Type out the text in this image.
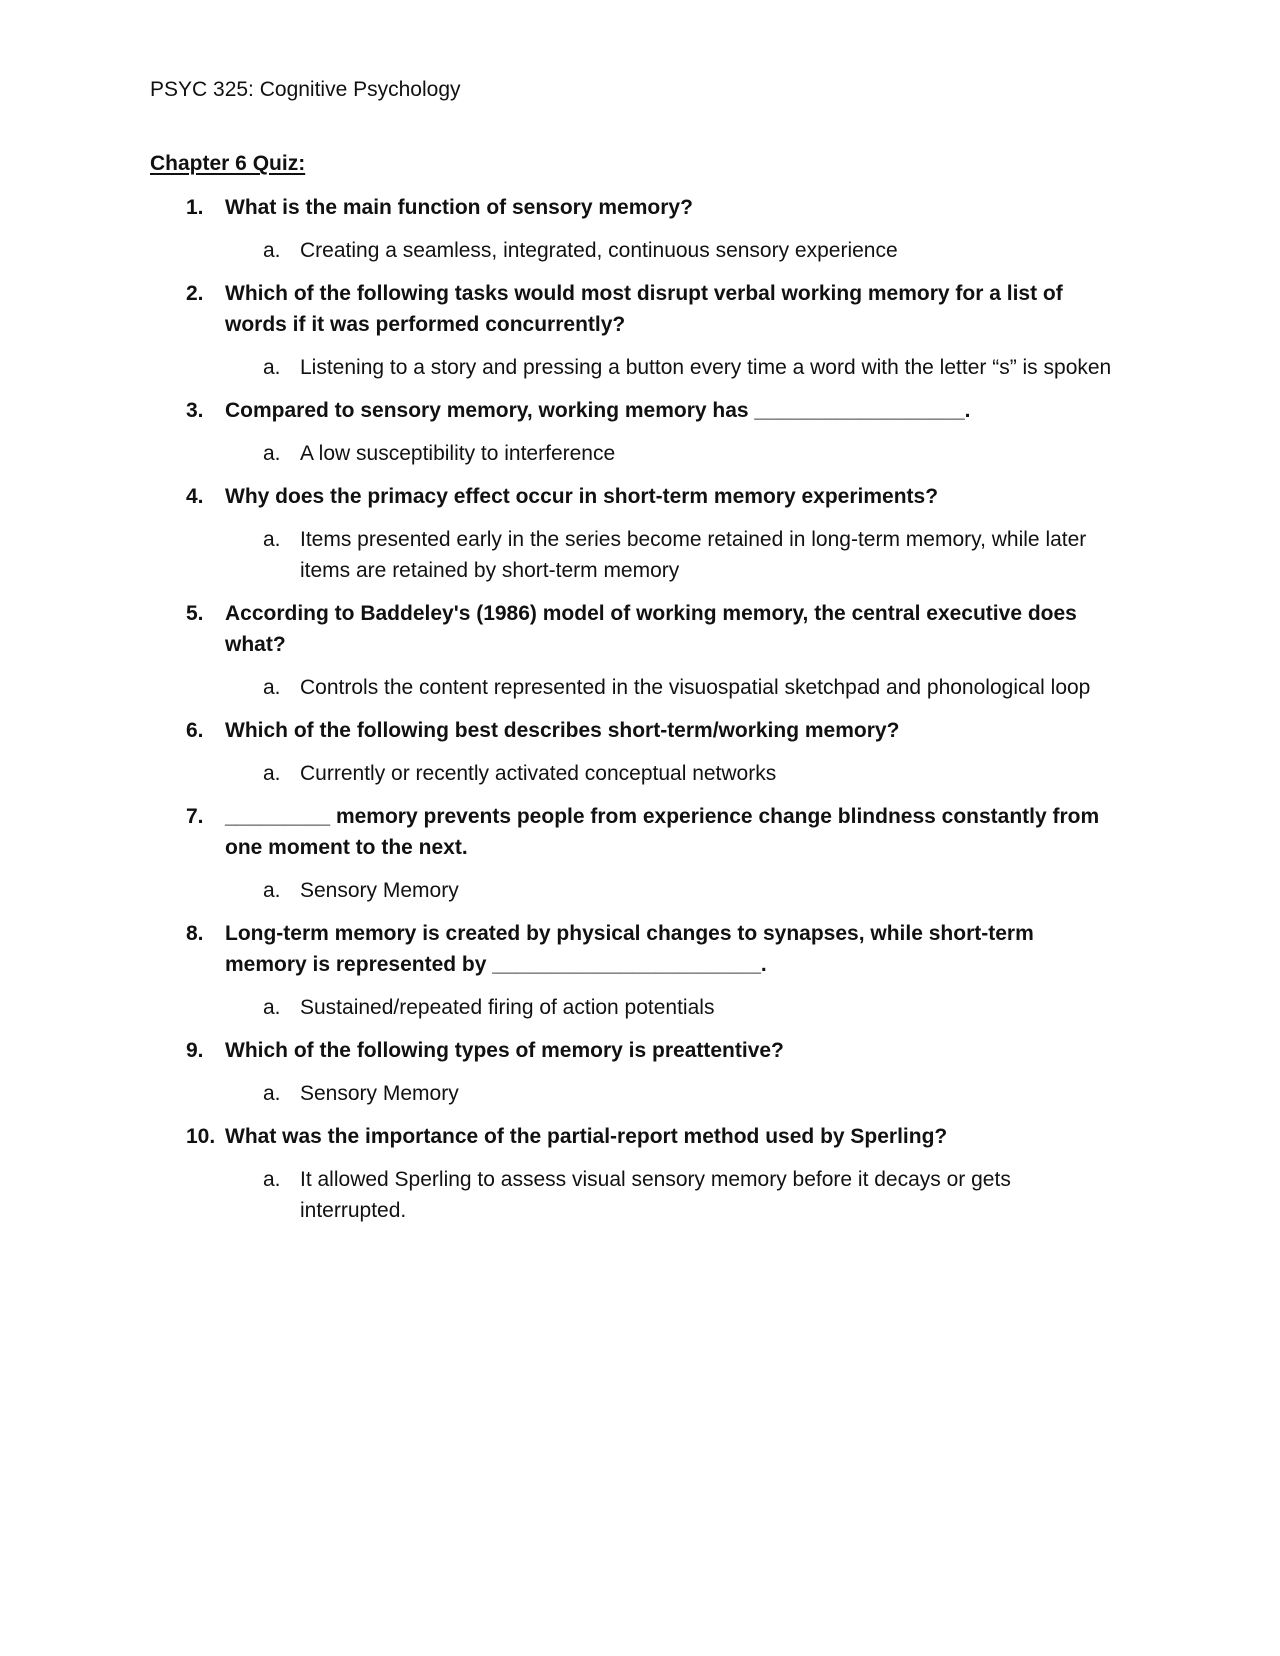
PSYC 325: Cognitive Psychology
Chapter 6 Quiz:
1. What is the main function of sensory memory?
a. Creating a seamless, integrated, continuous sensory experience
2. Which of the following tasks would most disrupt verbal working memory for a list of words if it was performed concurrently?
a. Listening to a story and pressing a button every time a word with the letter “s” is spoken
3. Compared to sensory memory, working memory has __________________.
a. A low susceptibility to interference
4. Why does the primacy effect occur in short-term memory experiments?
a. Items presented early in the series become retained in long-term memory, while later items are retained by short-term memory
5. According to Baddeley's (1986) model of working memory, the central executive does what?
a. Controls the content represented in the visuospatial sketchpad and phonological loop
6. Which of the following best describes short-term/working memory?
a. Currently or recently activated conceptual networks
7. _________ memory prevents people from experience change blindness constantly from one moment to the next.
a. Sensory Memory
8. Long-term memory is created by physical changes to synapses, while short-term memory is represented by _______________________.
a. Sustained/repeated firing of action potentials
9. Which of the following types of memory is preattentive?
a. Sensory Memory
10. What was the importance of the partial-report method used by Sperling?
a. It allowed Sperling to assess visual sensory memory before it decays or gets interrupted.
